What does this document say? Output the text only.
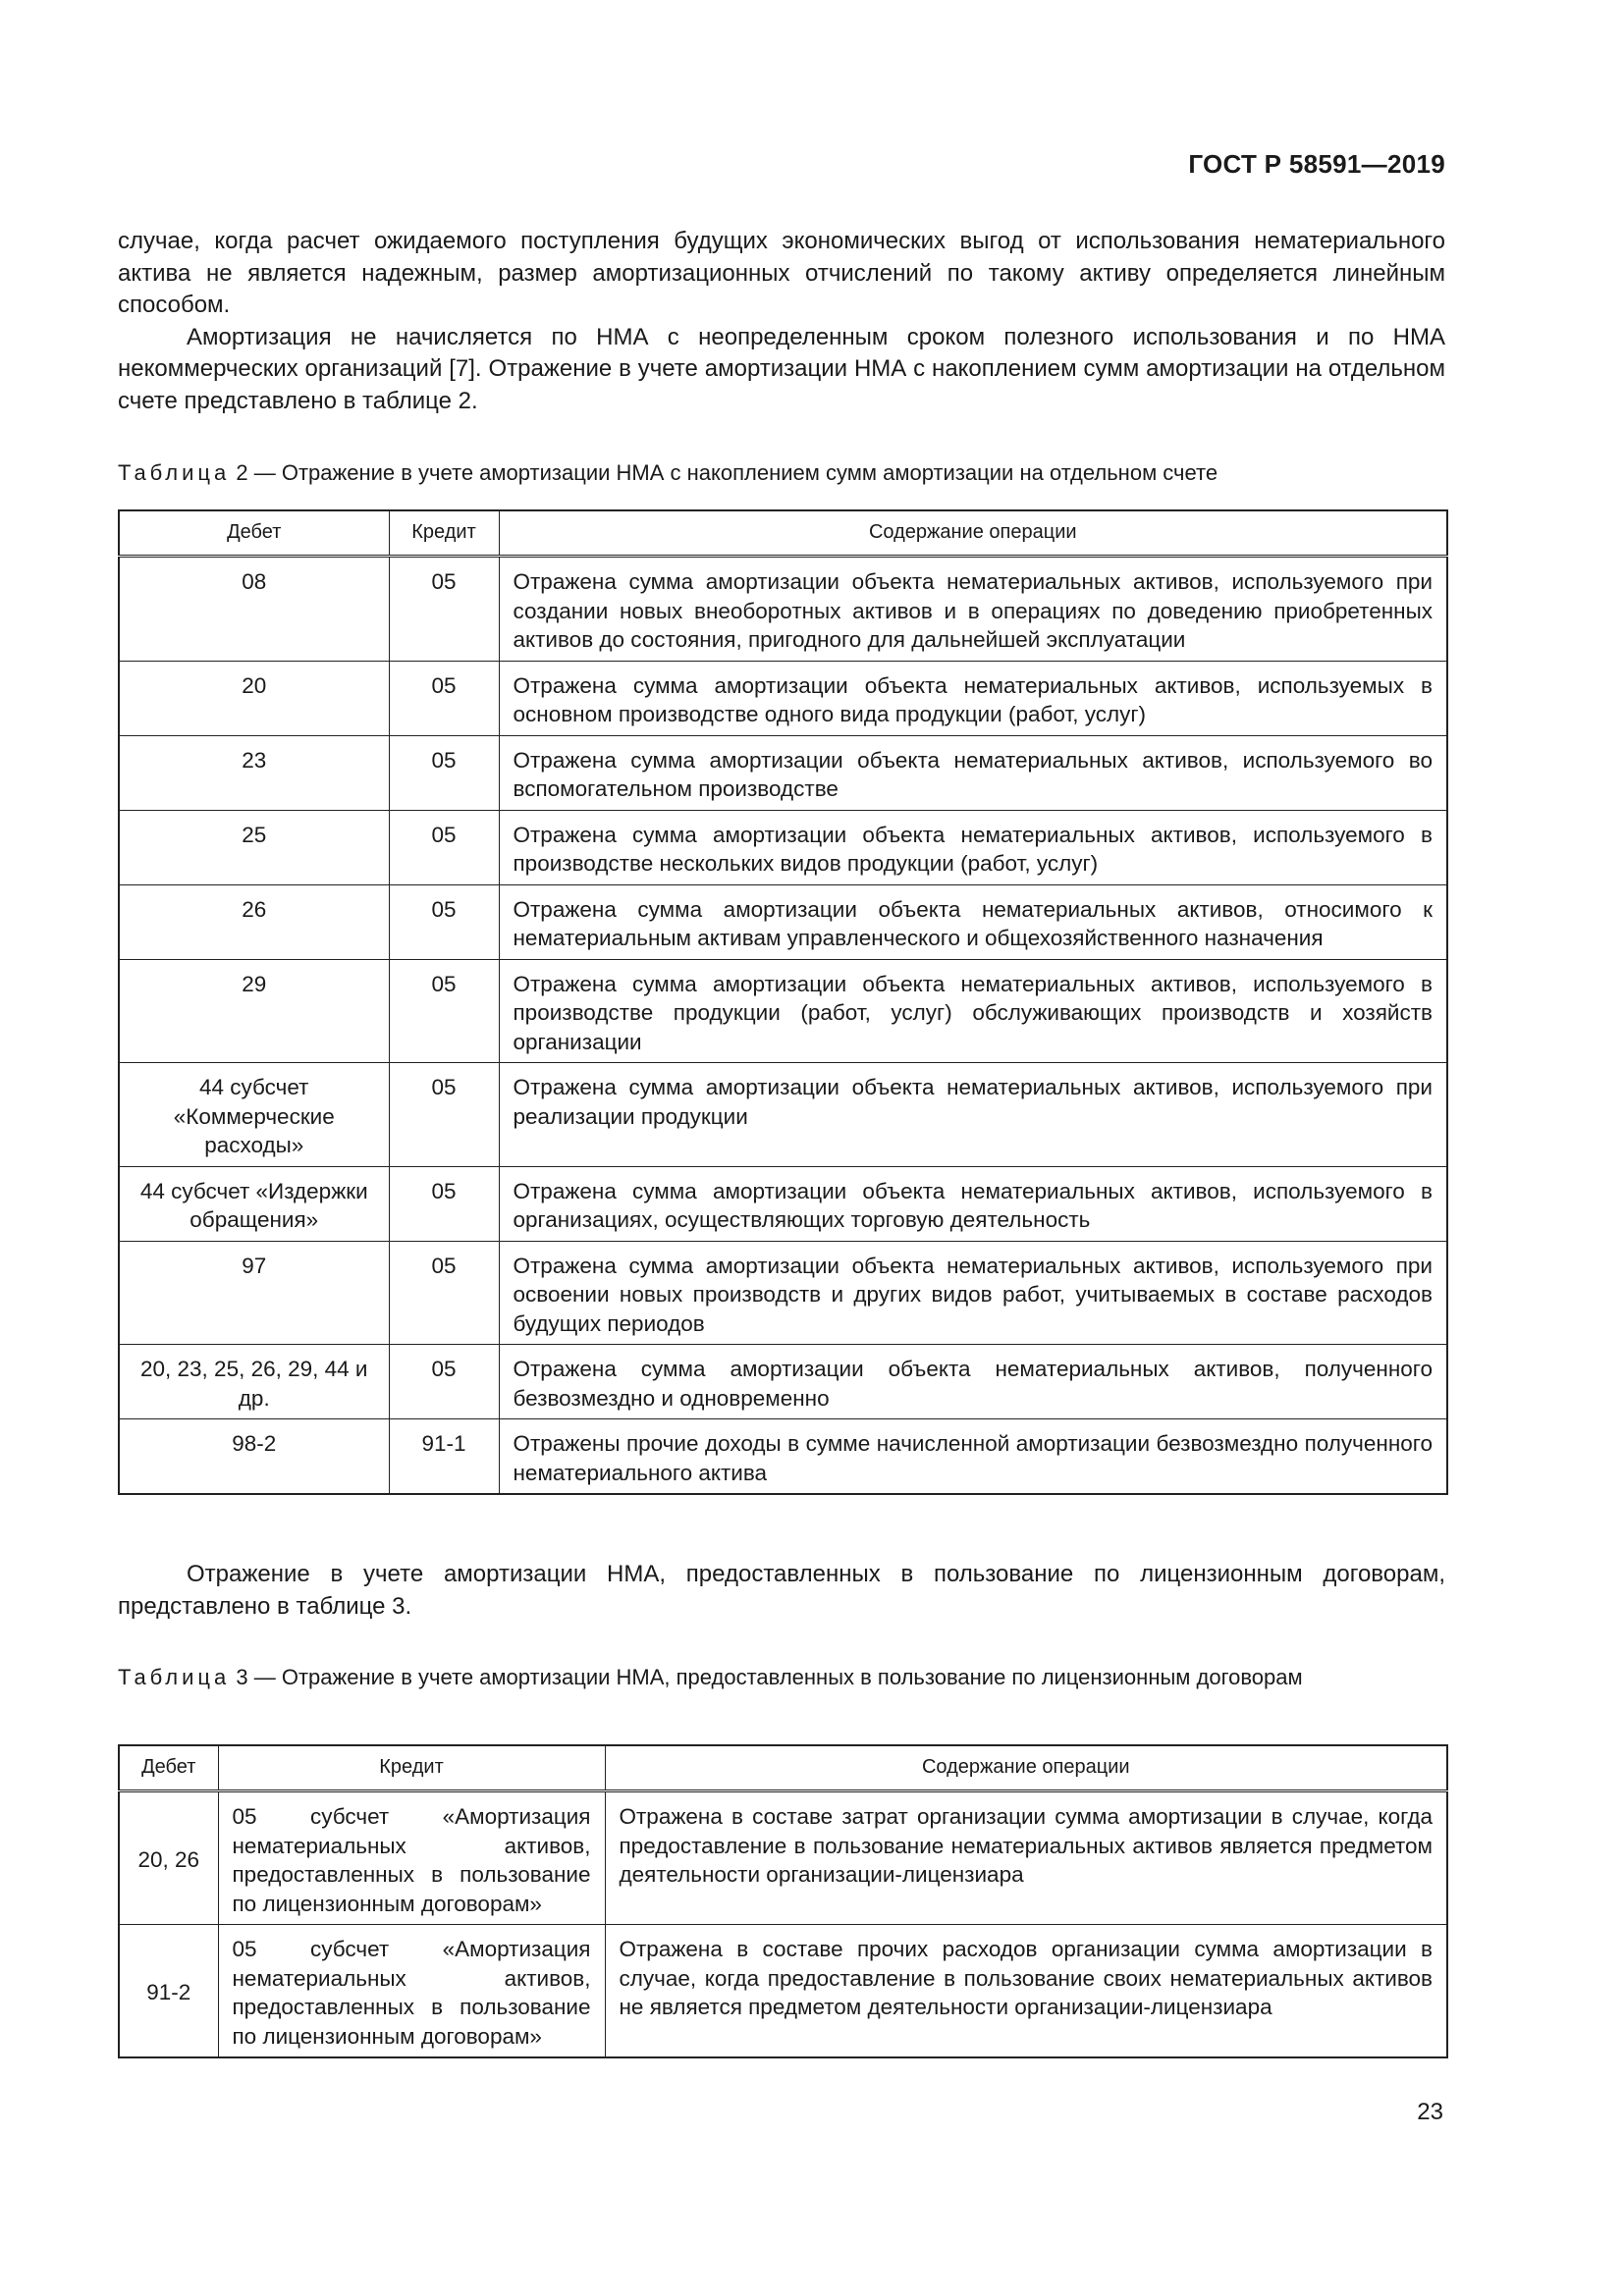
ГОСТ Р 58591—2019

случае, когда расчет ожидаемого поступления будущих экономических выгод от использования нематериального актива не является надежным, размер амортизационных отчислений по такому активу определяется линейным способом.

Амортизация не начисляется по НМА с неопределенным сроком полезного использования и по НМА некоммерческих организаций [7]. Отражение в учете амортизации НМА с накоплением сумм амортизации на отдельном счете представлено в таблице 2.

Таблица 2 — Отражение в учете амортизации НМА с накоплением сумм амортизации на отдельном счете
Дебет	Кредит	Содержание операции
08	05	Отражена сумма амортизации объекта нематериальных активов, используемого при создании новых внеоборотных активов и в операциях по доведению приобретенных активов до состояния, пригодного для дальнейшей эксплуатации
20	05	Отражена сумма амортизации объекта нематериальных активов, используемых в основном производстве одного вида продукции (работ, услуг)
23	05	Отражена сумма амортизации объекта нематериальных активов, используемого во вспомогательном производстве
25	05	Отражена сумма амортизации объекта нематериальных активов, используемого в производстве нескольких видов продукции (работ, услуг)
26	05	Отражена сумма амортизации объекта нематериальных активов, относимого к нематериальным активам управленческого и общехозяйственного назначения
29	05	Отражена сумма амортизации объекта нематериальных активов, используемого в производстве продукции (работ, услуг) обслуживающих производств и хозяйств организации
44 субсчет «Коммерческие расходы»	05	Отражена сумма амортизации объекта нематериальных активов, используемого при реализации продукции
44 субсчет «Издержки обращения»	05	Отражена сумма амортизации объекта нематериальных активов, используемого в организациях, осуществляющих торговую деятельность
97	05	Отражена сумма амортизации объекта нематериальных активов, используемого при освоении новых производств и других видов работ, учитываемых в составе расходов будущих периодов
20, 23, 25, 26, 29, 44 и др.	05	Отражена сумма амортизации объекта нематериальных активов, полученного безвозмездно и одновременно
98-2	91-1	Отражены прочие доходы в сумме начисленной амортизации безвозмездно полученного нематериального актива

Отражение в учете амортизации НМА, предоставленных в пользование по лицензионным договорам, представлено в таблице 3.

Таблица 3 — Отражение в учете амортизации НМА, предоставленных в пользование по лицензионным договорам
Дебет	Кредит	Содержание операции
20, 26	05 субсчет «Амортизация нематериальных активов, предоставленных в пользование по лицензионным договорам»	Отражена в составе затрат организации сумма амортизации в случае, когда предоставление в пользование нематериальных активов является предметом деятельности организации-лицензиара
91-2	05 субсчет «Амортизация нематериальных активов, предоставленных в пользование по лицензионным договорам»	Отражена в составе прочих расходов организации сумма амортизации в случае, когда предоставление в пользование своих нематериальных активов не является предметом деятельности организации-лицензиара
23
